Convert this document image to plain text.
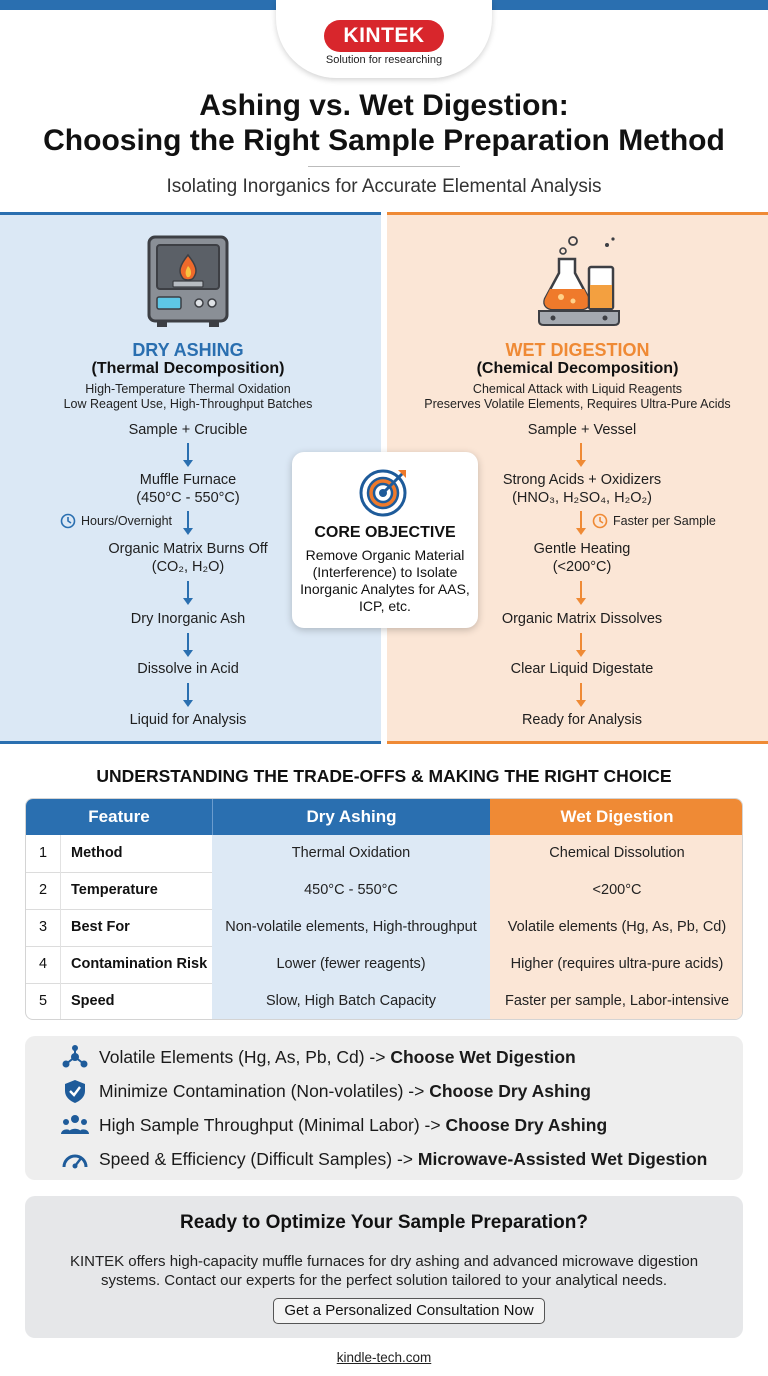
KINTEK
Solution for researching
Ashing vs. Wet Digestion:
Choosing the Right Sample Preparation Method
Isolating Inorganics for Accurate Elemental Analysis
DRY ASHING
(Thermal Decomposition)
High-Temperature Thermal Oxidation
Low Reagent Use, High-Throughput Batches
Sample + Crucible
Muffle Furnace
(450°C - 550°C)
Hours/Overnight
Organic Matrix Burns Off
(CO₂, H₂O)
Dry Inorganic Ash
Dissolve in Acid
Liquid for Analysis
WET DIGESTION
(Chemical Decomposition)
Chemical Attack with Liquid Reagents
Preserves Volatile Elements, Requires Ultra-Pure Acids
Sample + Vessel
Strong Acids + Oxidizers
(HNO₃, H₂SO₄, H₂O₂)
Faster per Sample
Gentle Heating
(<200°C)
Organic Matrix Dissolves
Clear Liquid Digestate
Ready for Analysis
CORE OBJECTIVE
Remove Organic Material (Interference) to Isolate Inorganic Analytes for AAS, ICP, etc.
UNDERSTANDING THE TRADE-OFFS & MAKING THE RIGHT CHOICE
Feature	Dry Ashing	Wet Digestion
1	Method	Thermal Oxidation	Chemical Dissolution
2	Temperature	450°C - 550°C	<200°C
3	Best For	Non-volatile elements, High-throughput	Volatile elements (Hg, As, Pb, Cd)
4	Contamination Risk	Lower (fewer reagents)	Higher (requires ultra-pure acids)
5	Speed	Slow, High Batch Capacity	Faster per sample, Labor-intensive
Volatile Elements (Hg, As, Pb, Cd) -> Choose Wet Digestion
Minimize Contamination (Non-volatiles) -> Choose Dry Ashing
High Sample Throughput (Minimal Labor) -> Choose Dry Ashing
Speed & Efficiency (Difficult Samples) -> Microwave-Assisted Wet Digestion
Ready to Optimize Your Sample Preparation?
KINTEK offers high-capacity muffle furnaces for dry ashing and advanced microwave digestion systems. Contact our experts for the perfect solution tailored to your analytical needs.
Get a Personalized Consultation Now
kindle-tech.com
